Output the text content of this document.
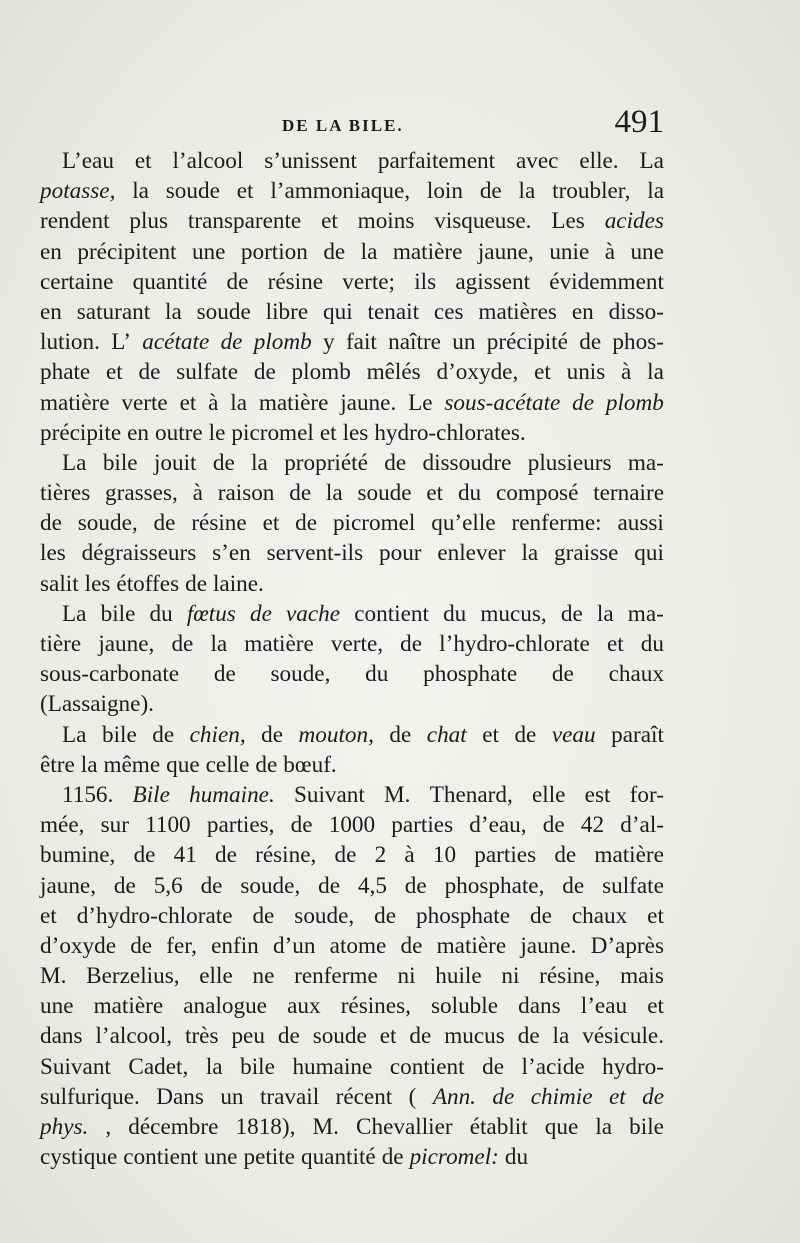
DE LA BILE.	491
L’eau et l’alcool s’unissent parfaitement avec elle. La
potasse, la soude et l’ammoniaque, loin de la troubler, la
rendent plus transparente et moins visqueuse. Les acides
en précipitent une portion de la matière jaune, unie à une
certaine quantité de résine verte; ils agissent évidemment
en saturant la soude libre qui tenait ces matières en disso-
lution. L’ acétate de plomb y fait naître un précipité de phos-
phate et de sulfate de plomb mêlés d’oxyde, et unis à la
matière verte et à la matière jaune. Le sous-acétate de plomb
précipite en outre le picromel et les hydro-chlorates.
La bile jouit de la propriété de dissoudre plusieurs ma-
tières grasses, à raison de la soude et du composé ternaire
de soude, de résine et de picromel qu’elle renferme: aussi
les dégraisseurs s’en servent-ils pour enlever la graisse qui
salit les étoffes de laine.
La bile du fœtus de vache contient du mucus, de la ma-
tière jaune, de la matière verte, de l’hydro-chlorate et du
sous-carbonate de soude, du phosphate de chaux
(Lassaigne).
La bile de chien, de mouton, de chat et de veau paraît
être la même que celle de bœuf.
1156. Bile humaine. Suivant M. Thenard, elle est for-
mée, sur 1100 parties, de 1000 parties d’eau, de 42 d’al-
bumine, de 41 de résine, de 2 à 10 parties de matière
jaune, de 5,6 de soude, de 4,5 de phosphate, de sulfate
et d’hydro-chlorate de soude, de phosphate de chaux et
d’oxyde de fer, enfin d’un atome de matière jaune. D’après
M. Berzelius, elle ne renferme ni huile ni résine, mais
une matière analogue aux résines, soluble dans l’eau et
dans l’alcool, très peu de soude et de mucus de la vésicule.
Suivant Cadet, la bile humaine contient de l’acide hydro-
sulfurique. Dans un travail récent ( Ann. de chimie et de
phys. , décembre 1818), M. Chevallier établit que la bile
cystique contient une petite quantité de picromel: du
